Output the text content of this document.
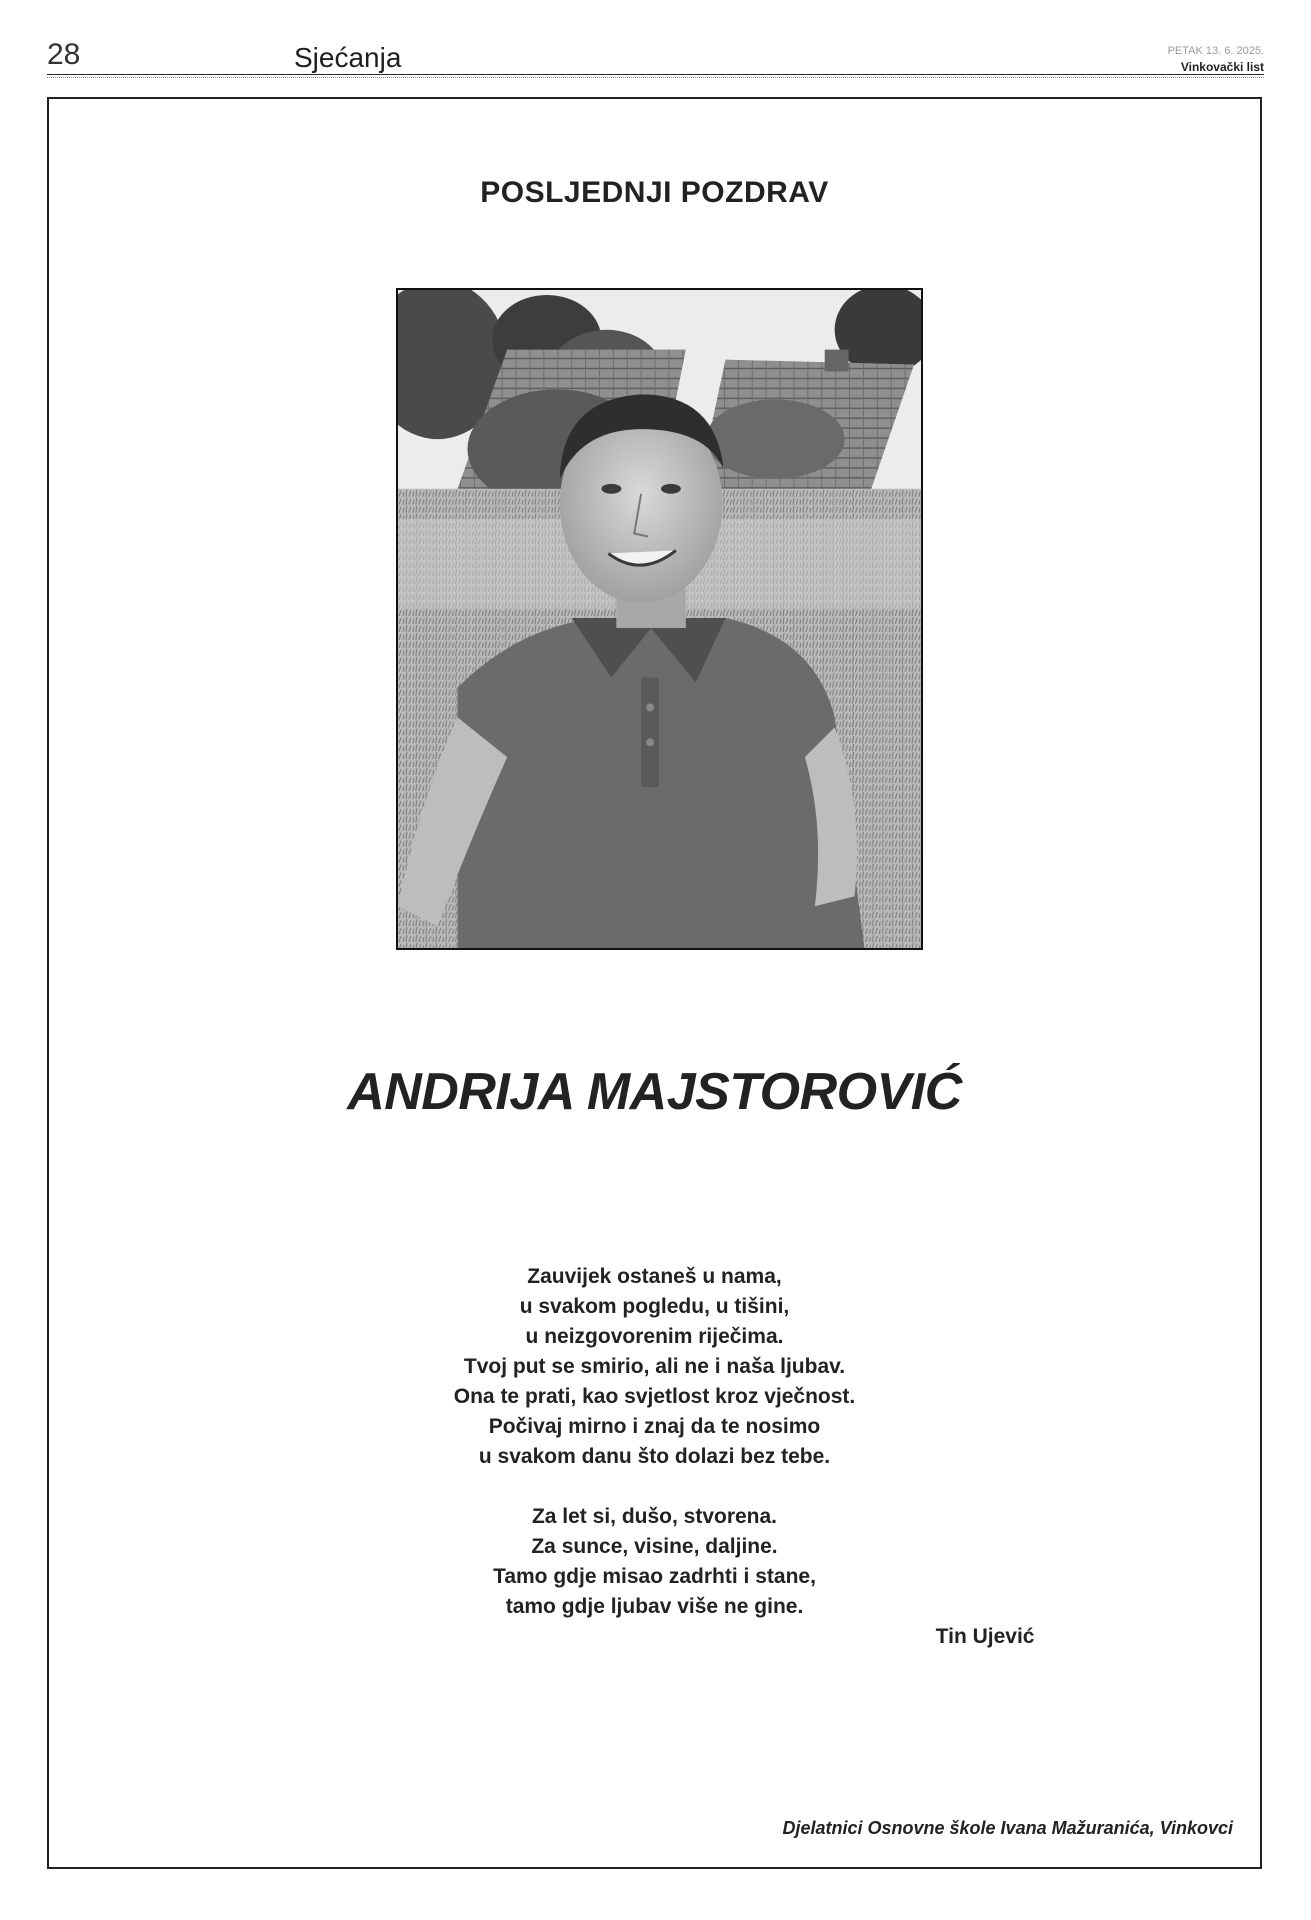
28	Sjećanja	PETAK 13. 6. 2025.
Vinkovački list
POSLJEDNJI POZDRAV
ANDRIJA MAJSTOROVIĆ
Zauvijek ostaneš u nama,
u svakom pogledu, u tišini,
u neizgovorenim riječima.
Tvoj put se smirio, ali ne i naša ljubav.
Ona te prati, kao svjetlost kroz vječnost.
Počivaj mirno i znaj da te nosimo
u svakom danu što dolazi bez tebe.
Za let si, dušo, stvorena.
Za sunce, visine, daljine.
Tamo gdje misao zadrhti i stane,
tamo gdje ljubav više ne gine.
Tin Ujević
Djelatnici Osnovne škole Ivana Mažuranića, Vinkovci
